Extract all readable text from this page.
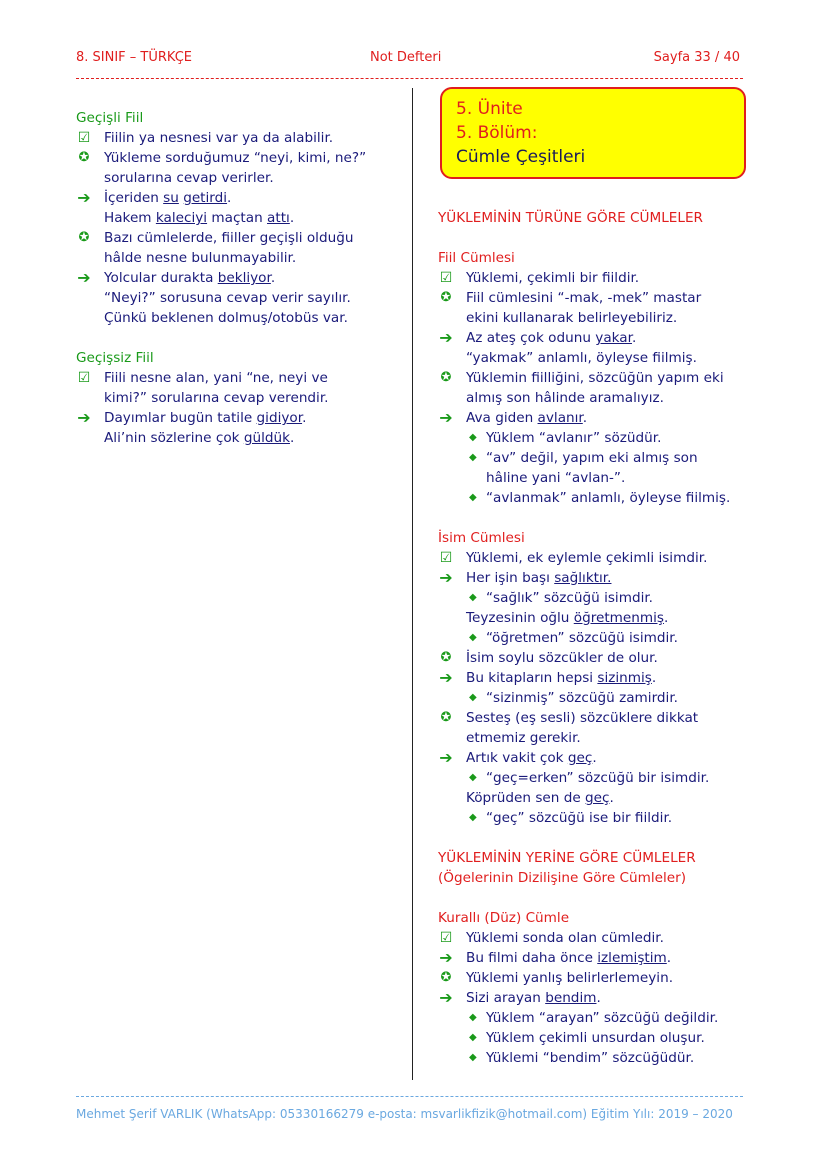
8. SINIF – TÜRKÇE	Not Defteri	Sayfa 33 / 40
5. Ünite
5. Bölüm:
Cümle Çeşitleri
Geçişli Fiil
☑ Fiilin ya nesnesi var ya da alabilir.
✪ Yükleme sorduğumuz “neyi, kimi, ne?”
sorularına cevap verirler.
➔ İçeriden su getirdi.
Hakem kaleciyi maçtan attı.
✪ Bazı cümlelerde, fiiller geçişli olduğu
hâlde nesne bulunmayabilir.
➔ Yolcular durakta bekliyor.
“Neyi?” sorusuna cevap verir sayılır.
Çünkü beklenen dolmuş/otobüs var.
Geçişsiz Fiil
☑ Fiili nesne alan, yani “ne, neyi ve
kimi?” sorularına cevap verendir.
➔ Dayımlar bugün tatile gidiyor.
Ali’nin sözlerine çok güldük.
YÜKLEMİNİN TÜRÜNE GÖRE CÜMLELER
Fiil Cümlesi
☑ Yüklemi, çekimli bir fiildir.
✪ Fiil cümlesini “-mak, -mek” mastar
ekini kullanarak belirleyebiliriz.
➔ Az ateş çok odunu yakar.
“yakmak” anlamlı, öyleyse fiilmiş.
✪ Yüklemin fiilliğini, sözcüğün yapım eki
almış son hâlinde aramalıyız.
➔ Ava giden avlanır.
◆ Yüklem “avlanır” sözüdür.
◆ “av” değil, yapım eki almış son
hâline yani “avlan-”.
◆ “avlanmak” anlamlı, öyleyse fiilmiş.
İsim Cümlesi
☑ Yüklemi, ek eylemle çekimli isimdir.
➔ Her işin başı sağlıktır.
◆ “sağlık” sözcüğü isimdir.
Teyzesinin oğlu öğretmenmiş.
◆ “öğretmen” sözcüğü isimdir.
✪ İsim soylu sözcükler de olur.
➔ Bu kitapların hepsi sizinmiş.
◆ “sizinmiş” sözcüğü zamirdir.
✪ Sesteş (eş sesli) sözcüklere dikkat
etmemiz gerekir.
➔ Artık vakit çok geç.
◆ “geç=erken” sözcüğü bir isimdir.
Köprüden sen de geç.
◆ “geç” sözcüğü ise bir fiildir.
YÜKLEMİNİN YERİNE GÖRE CÜMLELER
(Ögelerinin Dizilişine Göre Cümleler)
Kurallı (Düz) Cümle
☑ Yüklemi sonda olan cümledir.
➔ Bu filmi daha önce izlemiştim.
✪ Yüklemi yanlış belirlerlemeyin.
➔ Sizi arayan bendim.
◆ Yüklem “arayan” sözcüğü değildir.
◆ Yüklem çekimli unsurdan oluşur.
◆ Yüklemi “bendim” sözcüğüdür.
Mehmet Şerif VARLIK (WhatsApp: 05330166279 e-posta: msvarlikfizik@hotmail.com) Eğitim Yılı: 2019 – 2020
